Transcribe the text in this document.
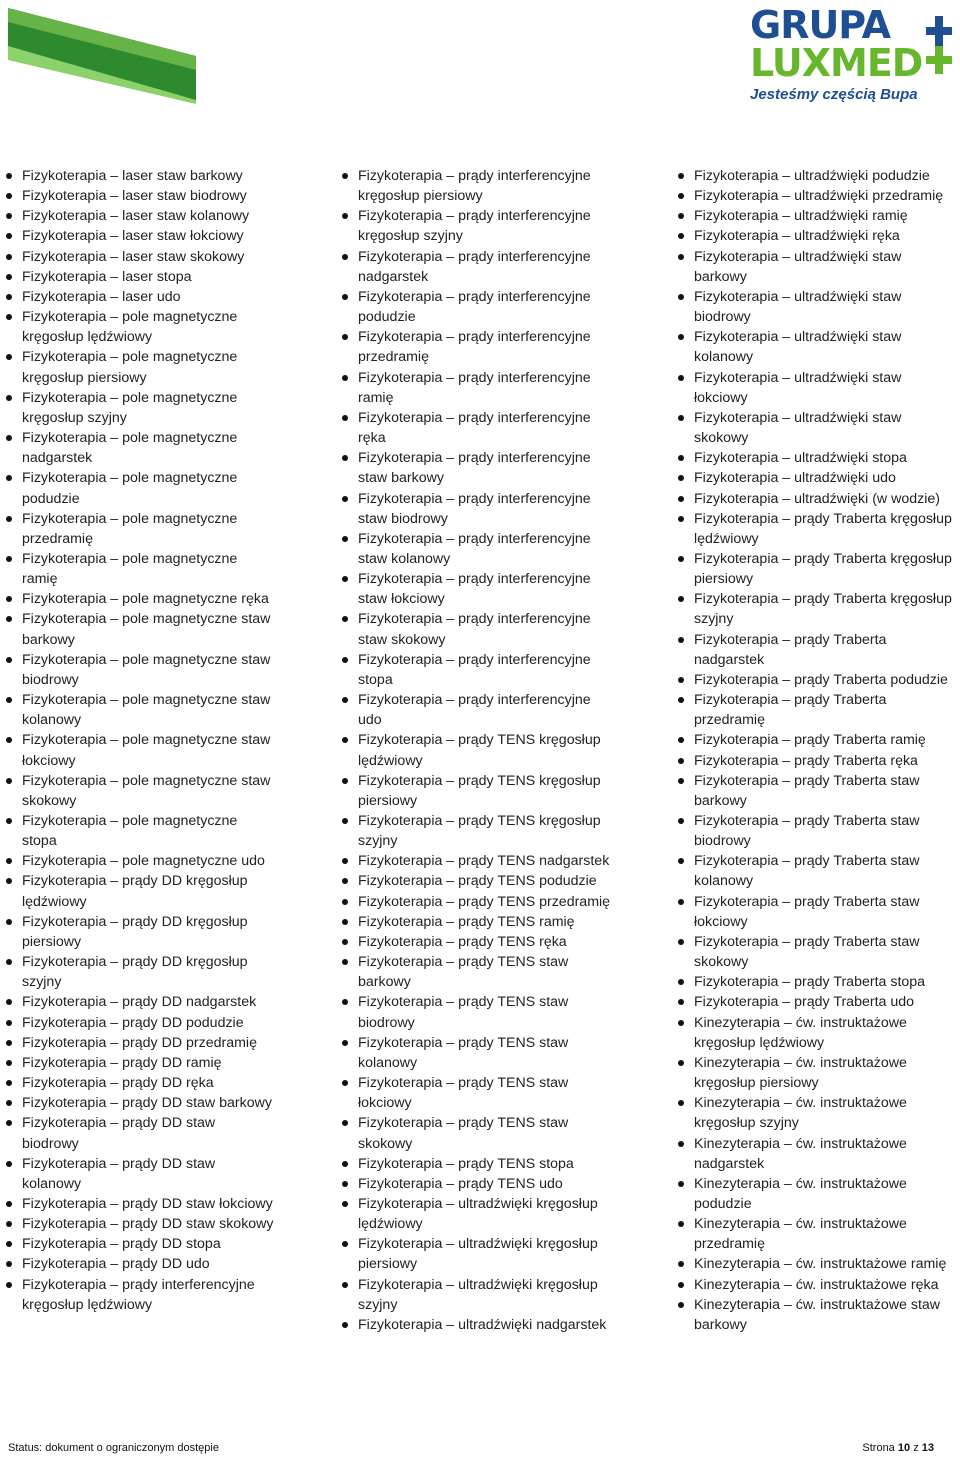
GRUPA
LUXMED
Jesteśmy częścią Bupa
Fizykoterapia – laser staw barkowy
Fizykoterapia – laser staw biodrowy
Fizykoterapia – laser staw kolanowy
Fizykoterapia – laser staw łokciowy
Fizykoterapia – laser staw skokowy
Fizykoterapia – laser stopa
Fizykoterapia – laser udo
Fizykoterapia – pole magnetyczne kręgosłup lędźwiowy
Fizykoterapia – pole magnetyczne kręgosłup piersiowy
Fizykoterapia – pole magnetyczne kręgosłup szyjny
Fizykoterapia – pole magnetyczne nadgarstek
Fizykoterapia – pole magnetyczne podudzie
Fizykoterapia – pole magnetyczne przedramię
Fizykoterapia – pole magnetyczne ramię
Fizykoterapia – pole magnetyczne ręka
Fizykoterapia – pole magnetyczne staw barkowy
Fizykoterapia – pole magnetyczne staw biodrowy
Fizykoterapia – pole magnetyczne staw kolanowy
Fizykoterapia – pole magnetyczne staw łokciowy
Fizykoterapia – pole magnetyczne staw skokowy
Fizykoterapia – pole magnetyczne stopa
Fizykoterapia – pole magnetyczne udo
Fizykoterapia – prądy DD kręgosłup lędźwiowy
Fizykoterapia – prądy DD kręgosłup piersiowy
Fizykoterapia – prądy DD kręgosłup szyjny
Fizykoterapia – prądy DD nadgarstek
Fizykoterapia – prądy DD podudzie
Fizykoterapia – prądy DD przedramię
Fizykoterapia – prądy DD ramię
Fizykoterapia – prądy DD ręka
Fizykoterapia – prądy DD staw barkowy
Fizykoterapia – prądy DD staw biodrowy
Fizykoterapia – prądy DD staw kolanowy
Fizykoterapia – prądy DD staw łokciowy
Fizykoterapia – prądy DD staw skokowy
Fizykoterapia – prądy DD stopa
Fizykoterapia – prądy DD udo
Fizykoterapia – prądy interferencyjne kręgosłup lędźwiowy
Fizykoterapia – prądy interferencyjne kręgosłup piersiowy
Fizykoterapia – prądy interferencyjne kręgosłup szyjny
Fizykoterapia – prądy interferencyjne nadgarstek
Fizykoterapia – prądy interferencyjne podudzie
Fizykoterapia – prądy interferencyjne przedramię
Fizykoterapia – prądy interferencyjne ramię
Fizykoterapia – prądy interferencyjne ręka
Fizykoterapia – prądy interferencyjne staw barkowy
Fizykoterapia – prądy interferencyjne staw biodrowy
Fizykoterapia – prądy interferencyjne staw kolanowy
Fizykoterapia – prądy interferencyjne staw łokciowy
Fizykoterapia – prądy interferencyjne staw skokowy
Fizykoterapia – prądy interferencyjne stopa
Fizykoterapia – prądy interferencyjne udo
Fizykoterapia – prądy TENS kręgosłup lędźwiowy
Fizykoterapia – prądy TENS kręgosłup piersiowy
Fizykoterapia – prądy TENS kręgosłup szyjny
Fizykoterapia – prądy TENS nadgarstek
Fizykoterapia – prądy TENS podudzie
Fizykoterapia – prądy TENS przedramię
Fizykoterapia – prądy TENS ramię
Fizykoterapia – prądy TENS ręka
Fizykoterapia – prądy TENS staw barkowy
Fizykoterapia – prądy TENS staw biodrowy
Fizykoterapia – prądy TENS staw kolanowy
Fizykoterapia – prądy TENS staw łokciowy
Fizykoterapia – prądy TENS staw skokowy
Fizykoterapia – prądy TENS stopa
Fizykoterapia – prądy TENS udo
Fizykoterapia – ultradźwięki kręgosłup lędźwiowy
Fizykoterapia – ultradźwięki kręgosłup piersiowy
Fizykoterapia – ultradźwięki kręgosłup szyjny
Fizykoterapia – ultradźwięki nadgarstek
Fizykoterapia – ultradźwięki podudzie
Fizykoterapia – ultradźwięki przedramię
Fizykoterapia – ultradźwięki ramię
Fizykoterapia – ultradźwięki ręka
Fizykoterapia – ultradźwięki staw barkowy
Fizykoterapia – ultradźwięki staw biodrowy
Fizykoterapia – ultradźwięki staw kolanowy
Fizykoterapia – ultradźwięki staw łokciowy
Fizykoterapia – ultradźwięki staw skokowy
Fizykoterapia – ultradźwięki stopa
Fizykoterapia – ultradźwięki udo
Fizykoterapia – ultradźwięki (w wodzie)
Fizykoterapia – prądy Traberta kręgosłup lędźwiowy
Fizykoterapia – prądy Traberta kręgosłup piersiowy
Fizykoterapia – prądy Traberta kręgosłup szyjny
Fizykoterapia – prądy Traberta nadgarstek
Fizykoterapia – prądy Traberta podudzie
Fizykoterapia – prądy Traberta przedramię
Fizykoterapia – prądy Traberta ramię
Fizykoterapia – prądy Traberta ręka
Fizykoterapia – prądy Traberta staw barkowy
Fizykoterapia – prądy Traberta staw biodrowy
Fizykoterapia – prądy Traberta staw kolanowy
Fizykoterapia – prądy Traberta staw łokciowy
Fizykoterapia – prądy Traberta staw skokowy
Fizykoterapia – prądy Traberta stopa
Fizykoterapia – prądy Traberta udo
Kinezyterapia – ćw. instruktażowe kręgosłup lędźwiowy
Kinezyterapia – ćw. instruktażowe kręgosłup piersiowy
Kinezyterapia – ćw. instruktażowe kręgosłup szyjny
Kinezyterapia – ćw. instruktażowe nadgarstek
Kinezyterapia – ćw. instruktażowe podudzie
Kinezyterapia – ćw. instruktażowe przedramię
Kinezyterapia – ćw. instruktażowe ramię
Kinezyterapia – ćw. instruktażowe ręka
Kinezyterapia – ćw. instruktażowe staw barkowy
Status: dokument o ograniczonym dostępie	Strona 10 z 13
